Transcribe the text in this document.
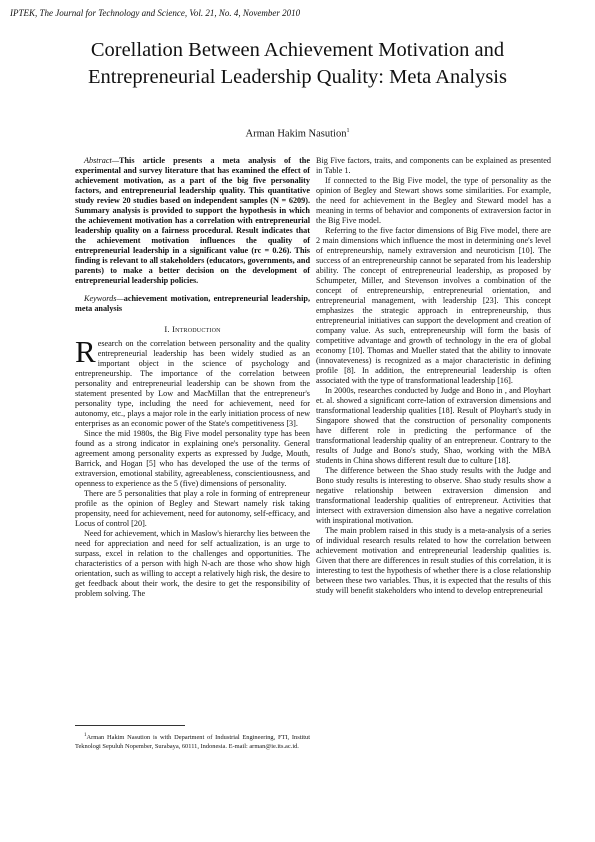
IPTEK, The Journal for Technology and Science, Vol. 21, No. 4, November 2010
Corellation Between Achievement Motivation and Entrepreneurial Leadership Quality: Meta Analysis
Arman Hakim Nasution$^1$

Abstract—This article presents a meta analysis of the experimental and survey literature that has examined the effect of achievement motivation, as a part of the big five personality factors, and entrepreneurial leadership quality. This quantitative study review 20 studies based on independent samples (N = 6209). Summary analysis is provided to support the hypothesis in which the achievement motivation has a correlation with entrepreneurial leadership quality on a fairness procedural. Result indicates that the achievement motivation influences the quality of entrepreneurial leadership in a significant value (rc = 0.26). This finding is relevant to all stakeholders (educators, governments, and parents) to make a better decision on the development of entrepreneurial leadership policies.

Keywords—achievement motivation, entrepreneurial leadership, meta analysis

I. Introduction

Research on the correlation between personality and the quality entrepreneurial leadership has been widely studied as an important object in the science of psychology and entrepreneurship. The importance of the correlation between personality and entrepreneurial leadership can be shown from the statement presented by Low and MacMillan that the entrepreneur's personality type, including the need for achievement, need for autonomy, etc., plays a major role in the early initiation process of new enterprises as an economic power of the State's competitiveness [3].

Since the mid 1980s, the Big Five model personality type has been found as a strong indicator in explaining one's personality. General agreement among personality experts as expressed by Judge, Mouth, Barrick, and Hogan [5] who has developed the use of the terms of extraversion, emotional stability, agreeableness, conscientiousness, and openness to experience as the 5 (five) dimensions of personality.

There are 5 personalities that play a role in forming of entrepreneur profile as the opinion of Begley and Stewart namely risk taking propensity, need for achievement, need for autonomy, self-efficacy, and Locus of control [20].

Need for achievement, which in Maslow's hierarchy lies between the need for appreciation and need for self actualization, is an urge to surpass, excel in relation to the challenges and opportunities. The characteristics of a person with high N-ach are those who show high orientation, such as willing to accept a relatively high risk, the desire to get feedback about their work, the desire to get the responsibility of problem solving. The

Big Five factors, traits, and components can be explained as presented in Table 1.

If connected to the Big Five model, the type of personality as the opinion of Begley and Stewart shows some similarities. For example, the need for achievement in the Begley and Steward model has a meaning in terms of behavior and components of extraversion factor in the Big Five model.

Referring to the five factor dimensions of Big Five model, there are 2 main dimensions which influence the most in determining one's level of entrepreneurship, namely extraversion and neuroticism [10]. The success of an entrepreneurship cannot be separated from his leadership ability. The concept of entrepreneurial leadership, as proposed by Schumpeter, Miller, and Stevenson involves a combination of the concept of entrepreneurship, entrepreneurial orientation, and entrepreneurial management, with leadership [23]. This concept emphasizes the strategic approach in entrepreneurship, thus entrepreneurial initiatives can support the development and creation of company value. As such, entrepreneurship will form the basis of competitive advantage and growth of technology in the era of global economy [10]. Thomas and Mueller stated that the ability to innovate (innovateveness) is recognized as a major characteristic in defining profile [8]. In addition, the entrepreneurial leadership is often associated with the type of transformational leadership [16].

In 2000s, researches conducted by Judge and Bono in , and Ployhart et. al. showed a significant corre-lation of extraversion dimensions and transformational leadership qualities [18]. Result of Ployhart's study in Singapore showed that the construction of personality components have different role in predicting the performance of the transformational leadership quality of an entrepreneur. Contrary to the results of Judge and Bono's study, Shao, working with the MBA students in China shows different result due to culture [18].

The difference between the Shao study results with the Judge and Bono study results is interesting to observe. Shao study results show a negative relationship between extraversion dimension and transformational leadership qualities of entrepreneur. Activities that intersect with extraversion dimension also have a negative correlation with inspirational motivation.

The main problem raised in this study is a meta-analysis of a series of individual research results related to how the correlation between achievement motivation and entrepreneurial leadership qualities is. Given that there are differences in result studies of this correlation, it is interesting to test the hypothesis of whether there is a close relationship between these two variables. Thus, it is expected that the results of this study will benefit stakeholders who intend to develop entrepreneurial

$^1$Arman Hakim Nasution is with Department of Industrial Engineering, FTI, Institut Teknologi Sepuluh Nopember, Surabaya, 60111, Indonesia. E-mail: arman@ie.its.ac.id.
